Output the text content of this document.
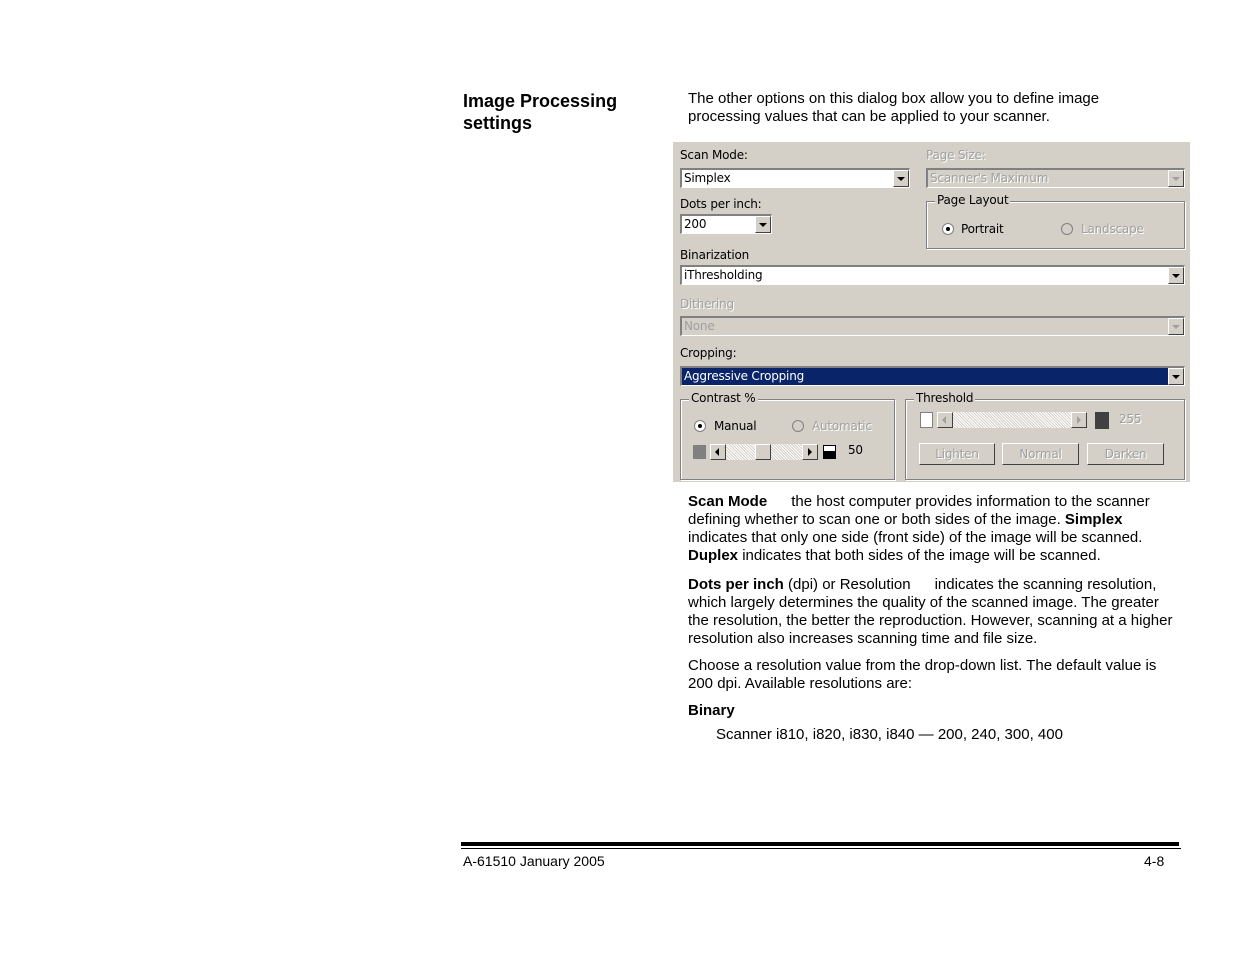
Image Processing settings
The other options on this dialog box allow you to define image processing values that can be applied to your scanner.
Scan Mode:
Simplex
Page Size:
Scanner's Maximum
Dots per inch:
200
Page Layout
Portrait	Landscape
Binarization
iThresholding
Dithering
None
Cropping:
Aggressive Cropping
Contrast %
Manual	Automatic
50
Threshold
255
Lighten	Normal	Darken
Scan Mode the host computer provides information to the scanner defining whether to scan one or both sides of the image. Simplex indicates that only one side (front side) of the image will be scanned. Duplex indicates that both sides of the image will be scanned.
Dots per inch (dpi) or Resolution indicates the scanning resolution, which largely determines the quality of the scanned image. The greater the resolution, the better the reproduction. However, scanning at a higher resolution also increases scanning time and file size.
Choose a resolution value from the drop-down list. The default value is 200 dpi. Available resolutions are:
Binary
Scanner i810, i820, i830, i840 — 200, 240, 300, 400
A-61510 January 2005	4-8
